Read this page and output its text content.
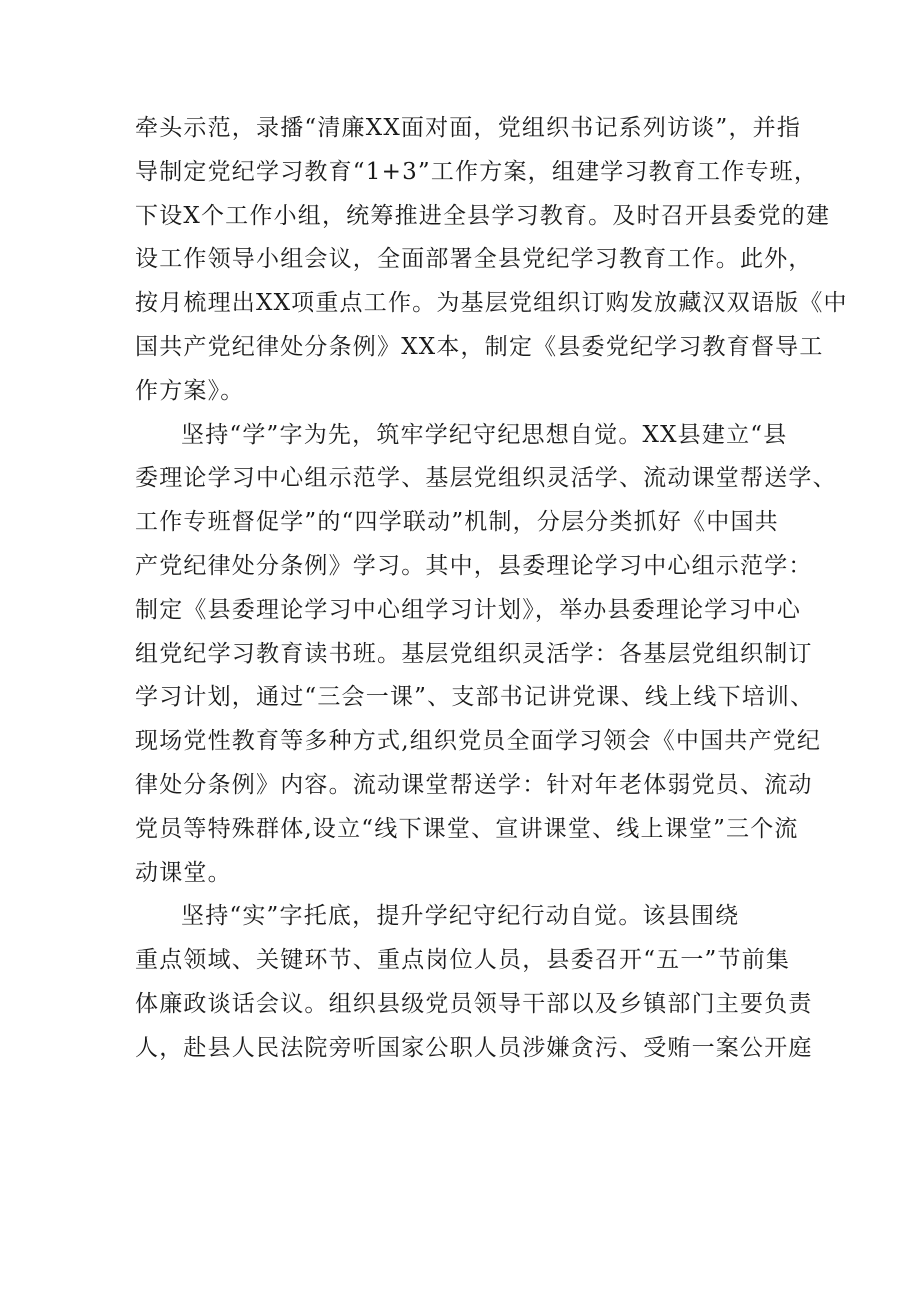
牵头示范，录播“清廉XX面对面，党组织书记系列访谈”，并指
导制定党纪学习教育“1+3”工作方案，组建学习教育工作专班，
下设X个工作小组，统筹推进全县学习教育。及时召开县委党的建
设工作领导小组会议，全面部署全县党纪学习教育工作。此外，
按月梳理出XX项重点工作。为基层党组织订购发放藏汉双语版《中
国共产党纪律处分条例》XX本，制定《县委党纪学习教育督导工
作方案》。
坚持“学”字为先，筑牢学纪守纪思想自觉。XX县建立“县
委理论学习中心组示范学、基层党组织灵活学、流动课堂帮送学、
工作专班督促学”的“四学联动”机制，分层分类抓好《中国共
产党纪律处分条例》学习。其中，县委理论学习中心组示范学：
制定《县委理论学习中心组学习计划》，举办县委理论学习中心
组党纪学习教育读书班。基层党组织灵活学：各基层党组织制订
学习计划，通过“三会一课”、支部书记讲党课、线上线下培训、
现场党性教育等多种方式,组织党员全面学习领会《中国共产党纪
律处分条例》内容。流动课堂帮送学：针对年老体弱党员、流动
党员等特殊群体,设立“线下课堂、宣讲课堂、线上课堂”三个流
动课堂。
坚持“实”字托底，提升学纪守纪行动自觉。该县围绕
重点领域、关键环节、重点岗位人员，县委召开“五一”节前集
体廉政谈话会议。组织县级党员领导干部以及乡镇部门主要负责
人，赴县人民法院旁听国家公职人员涉嫌贪污、受贿一案公开庭
